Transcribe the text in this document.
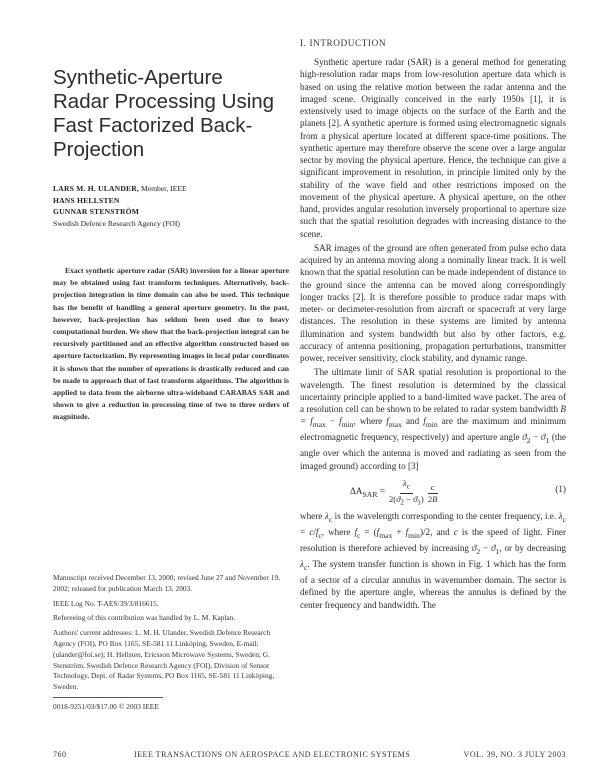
Synthetic-Aperture Radar Processing Using Fast Factorized Back-Projection
LARS M. H. ULANDER, Member, IEEE
HANS HELLSTEN
GUNNAR STENSTRÖM
Swedish Defence Research Agency (FOI)

Exact synthetic aperture radar (SAR) inversion for a linear aperture may be obtained using fast transform techniques. Alternatively, back-projection integration in time domain can also be used. This technique has the benefit of handling a general aperture geometry. In the past, however, back-projection has seldom been used due to heavy computational burden. We show that the back-projection integral can be recursively partitioned and an effective algorithm constructed based on aperture factorization. By representing images in local polar coordinates it is shown that the number of operations is drastically reduced and can be made to approach that of fast transform algorithms. The algorithm is applied to data from the airborne ultra-wideband CARABAS SAR and shown to give a reduction in processing time of two to three orders of magnitude.

Manuscript received December 13, 2000; revised June 27 and November 19, 2002; released for publication March 13, 2003.

IEEE Log No. T-AES/39/3/816615.

Refereeing of this contribution was handled by L. M. Kaplan.

Authors' current addresses: L. M. H. Ulander, Swedish Defence Research Agency (FOI), PO Box 1165, SE-581 11 Linköping, Sweden, E-mail: (ulander@foi.se); H. Hellsten, Ericsson Microwave Systems, Sweden; G. Stenström, Swedish Defence Research Agency (FOI), Division of Sensor Technology, Dept. of Radar Systems, PO Box 1165, SE-581 11 Linköping, Sweden.

0018-9251/03/$17.00 © 2003 IEEE
I. INTRODUCTION

Synthetic aperture radar (SAR) is a general method for generating high-resolution radar maps from low-resolution aperture data which is based on using the relative motion between the radar antenna and the imaged scene. Originally conceived in the early 1950s [1], it is extensively used to image objects on the surface of the Earth and the planets [2]. A synthetic aperture is formed using electromagnetic signals from a physical aperture located at different space-time positions. The synthetic aperture may therefore observe the scene over a large angular sector by moving the physical aperture. Hence, the technique can give a significant improvement in resolution, in principle limited only by the stability of the wave field and other restrictions imposed on the movement of the physical aperture. A physical aperture, on the other hand, provides angular resolution inversely proportional to aperture size such that the spatial resolution degrades with increasing distance to the scene.

SAR images of the ground are often generated from pulse echo data acquired by an antenna moving along a nominally linear track. It is well known that the spatial resolution can be made independent of distance to the ground since the antenna can be moved along correspondingly longer tracks [2]. It is therefore possible to produce radar maps with meter- or decimeter-resolution from aircraft or spacecraft at very large distances. The resolution in these systems are limited by antenna illumination and system bandwidth but also by other factors, e.g. accuracy of antenna positioning, propagation perturbations, transmitter power, receiver sensitivity, clock stability, and dynamic range.

The ultimate limit of SAR spatial resolution is proportional to the wavelength. The finest resolution is determined by the classical uncertainty principle applied to a band-limited wave packet. The area of a resolution cell can be shown to be related to radar system bandwidth $B = f_{max} - f_{min}$, where $f_{max}$ and $f_{min}$ are the maximum and minimum electromagnetic frequency, respectively) and aperture angle $ϑ_2 - ϑ_1$ (the angle over which the antenna is moved and radiating as seen from the imaged ground) according to [3]

$\Delta A_{SAR} = \frac{\lambda_c}{2(ϑ_2 - ϑ_1)} \frac{c}{2B}$	(1)

where $\lambda_c$ is the wavelength corresponding to the center frequency, i.e. $\lambda_c = c/f_c$, where $f_c = (f_{max} + f_{min})/2$, and c is the speed of light. Finer resolution is therefore achieved by increasing $ϑ_2 - ϑ_1$, or by decreasing $\lambda_c$. The system transfer function is shown in Fig. 1 which has the form of a sector of a circular annulus in wavenumber domain. The sector is defined by the aperture angle, whereas the annulus is defined by the center frequency and bandwidth. The

760	IEEE TRANSACTIONS ON AEROSPACE AND ELECTRONIC SYSTEMS	VOL. 39, NO. 3 JULY 2003
